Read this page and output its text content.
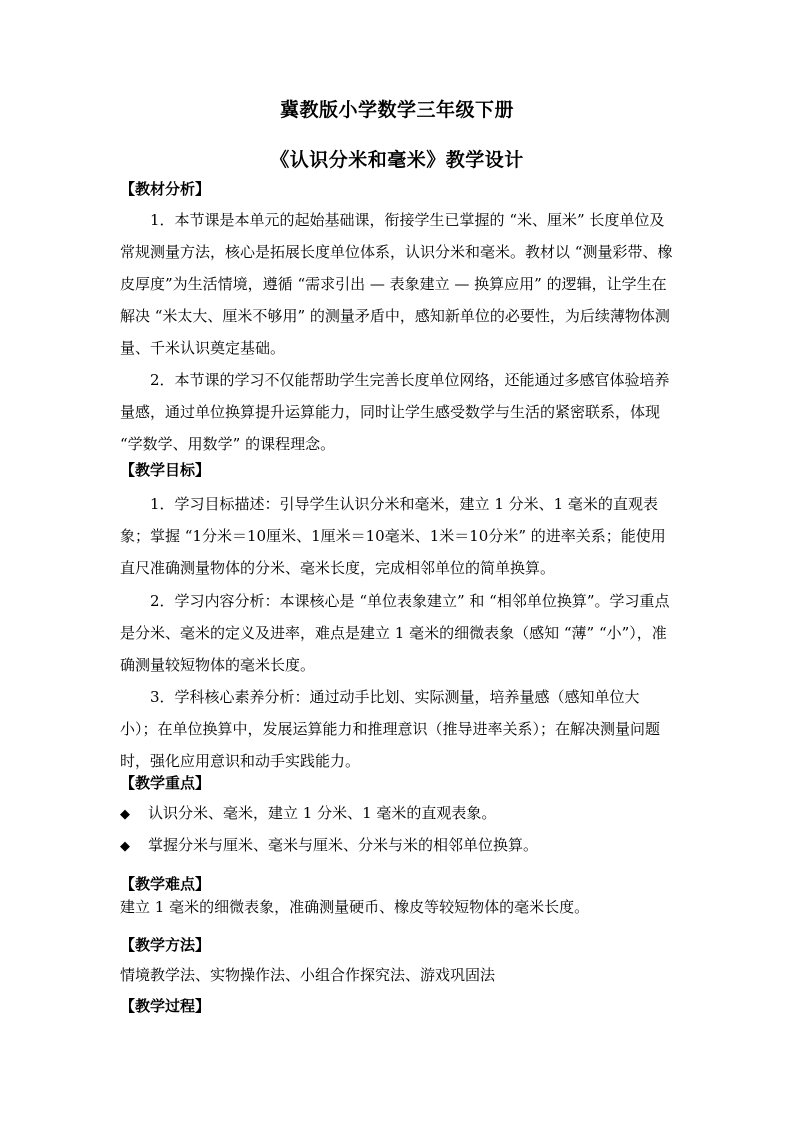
冀教版小学数学三年级下册
《认识分米和毫米》教学设计
【教材分析】

1．本节课是本单元的起始基础课，衔接学生已掌握的 “米、厘米” 长度单位及常规测量方法，核心是拓展长度单位体系，认识分米和毫米。教材以 “测量彩带、橡皮厚度”为生活情境，遵循 “需求引出 — 表象建立 — 换算应用” 的逻辑，让学生在解决 “米太大、厘米不够用” 的测量矛盾中，感知新单位的必要性，为后续薄物体测量、千米认识奠定基础。

2．本节课的学习不仅能帮助学生完善长度单位网络，还能通过多感官体验培养量感，通过单位换算提升运算能力，同时让学生感受数学与生活的紧密联系，体现 “学数学、用数学” 的课程理念。

【教学目标】

1．学习目标描述：引导学生认识分米和毫米，建立 1 分米、1 毫米的直观表象；掌握 “1分米＝10厘米、1厘米＝10毫米、1米＝10分米” 的进率关系；能使用直尺准确测量物体的分米、毫米长度，完成相邻单位的简单换算。

2．学习内容分析：本课核心是 “单位表象建立” 和 “相邻单位换算”。学习重点是分米、毫米的定义及进率，难点是建立 1 毫米的细微表象（感知 “薄” “小”），准确测量较短物体的毫米长度。

3．学科核心素养分析：通过动手比划、实际测量，培养量感（感知单位大小）；在单位换算中，发展运算能力和推理意识（推导进率关系）；在解决测量问题时，强化应用意识和动手实践能力。

【教学重点】
◆ 认识分米、毫米，建立 1 分米、1 毫米的直观表象。
◆ 掌握分米与厘米、毫米与厘米、分米与米的相邻单位换算。
【教学难点】
建立 1 毫米的细微表象，准确测量硬币、橡皮等较短物体的毫米长度。
【教学方法】
情境教学法、实物操作法、小组合作探究法、游戏巩固法
【教学过程】
